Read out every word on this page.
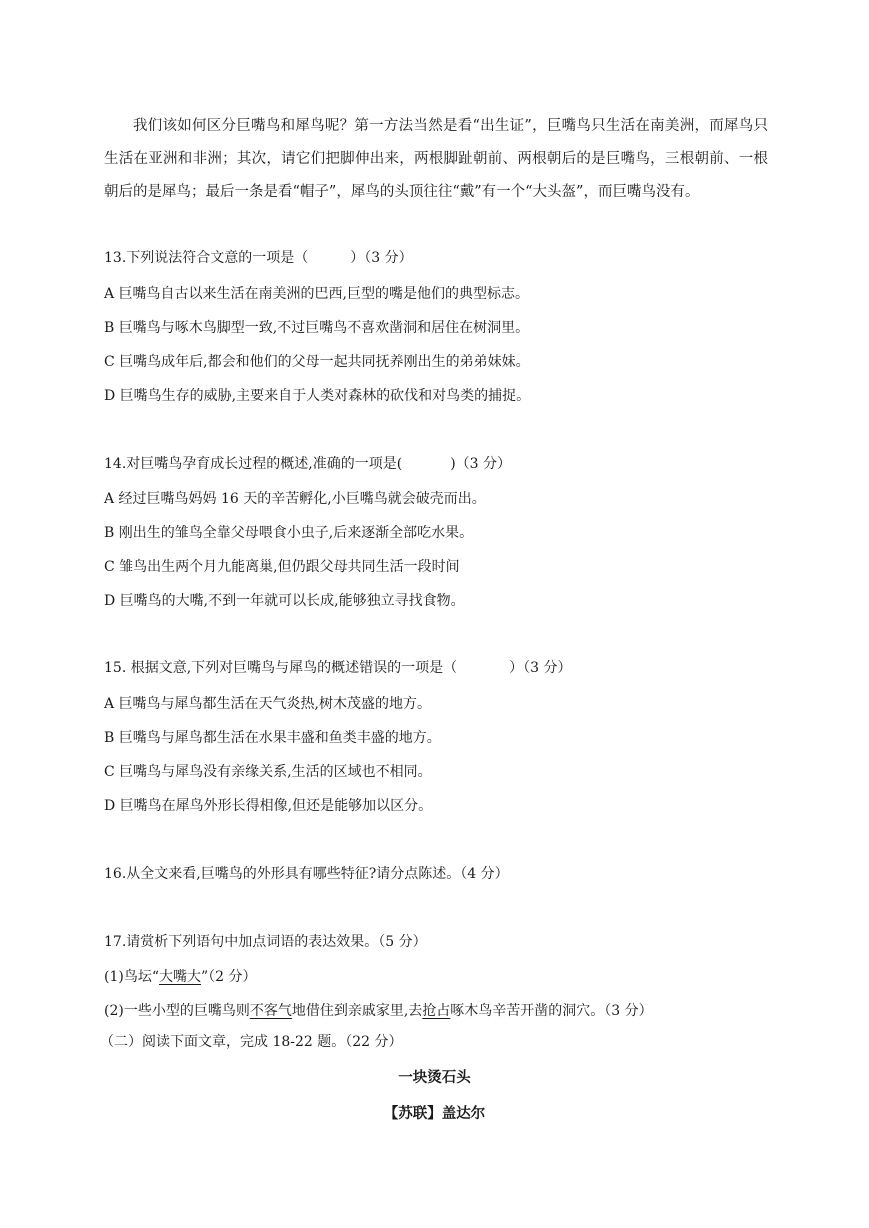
我们该如何区分巨嘴鸟和犀鸟呢？第一方法当然是看“出生证”，巨嘴鸟只生活在南美洲，而犀鸟只生活在亚洲和非洲；其次，请它们把脚伸出来，两根脚趾朝前、两根朝后的是巨嘴鸟，三根朝前、一根朝后的是犀鸟；最后一条是看“帽子”，犀鸟的头顶往往“戴”有一个“大头盔”，而巨嘴鸟没有。

13.下列说法符合文意的一项是（	）（3 分）

A 巨嘴鸟自古以来生活在南美洲的巴西,巨型的嘴是他们的典型标志。

B 巨嘴鸟与啄木鸟脚型一致,不过巨嘴鸟不喜欢凿洞和居住在树洞里。

C 巨嘴鸟成年后,都会和他们的父母一起共同抚养刚出生的弟弟妹妹。

D 巨嘴鸟生存的威胁,主要来自于人类对森林的砍伐和对鸟类的捕捉。

14.对巨嘴鸟孕育成长过程的概述,准确的一项是(	)（3 分）

A 经过巨嘴鸟妈妈 16 天的辛苦孵化,小巨嘴鸟就会破壳而出。

B 刚出生的雏鸟全靠父母喂食小虫子,后来逐渐全部吃水果。

C 雏鸟出生两个月九能离巢,但仍跟父母共同生活一段时间

D 巨嘴鸟的大嘴,不到一年就可以长成,能够独立寻找食物。

15. 根据文意,下列对巨嘴鸟与犀鸟的概述错误的一项是（	）（3 分）

A 巨嘴鸟与犀鸟都生活在天气炎热,树木茂盛的地方。

B 巨嘴鸟与犀鸟都生活在水果丰盛和鱼类丰盛的地方。

C 巨嘴鸟与犀鸟没有亲缘关系,生活的区域也不相同。

D 巨嘴鸟在犀鸟外形长得相像,但还是能够加以区分。

16.从全文来看,巨嘴鸟的外形具有哪些特征?请分点陈述。（4 分）

17.请赏析下列语句中加点词语的表达效果。（5 分）

(1)鸟坛“大嘴大”（2 分）

(2)一些小型的巨嘴鸟则不客气地借住到亲戚家里,去抢占啄木鸟辛苦开凿的洞穴。（3 分）

（二）阅读下面文章，完成 18-22 题。（22 分）

一块烫石头

【苏联】盖达尔
